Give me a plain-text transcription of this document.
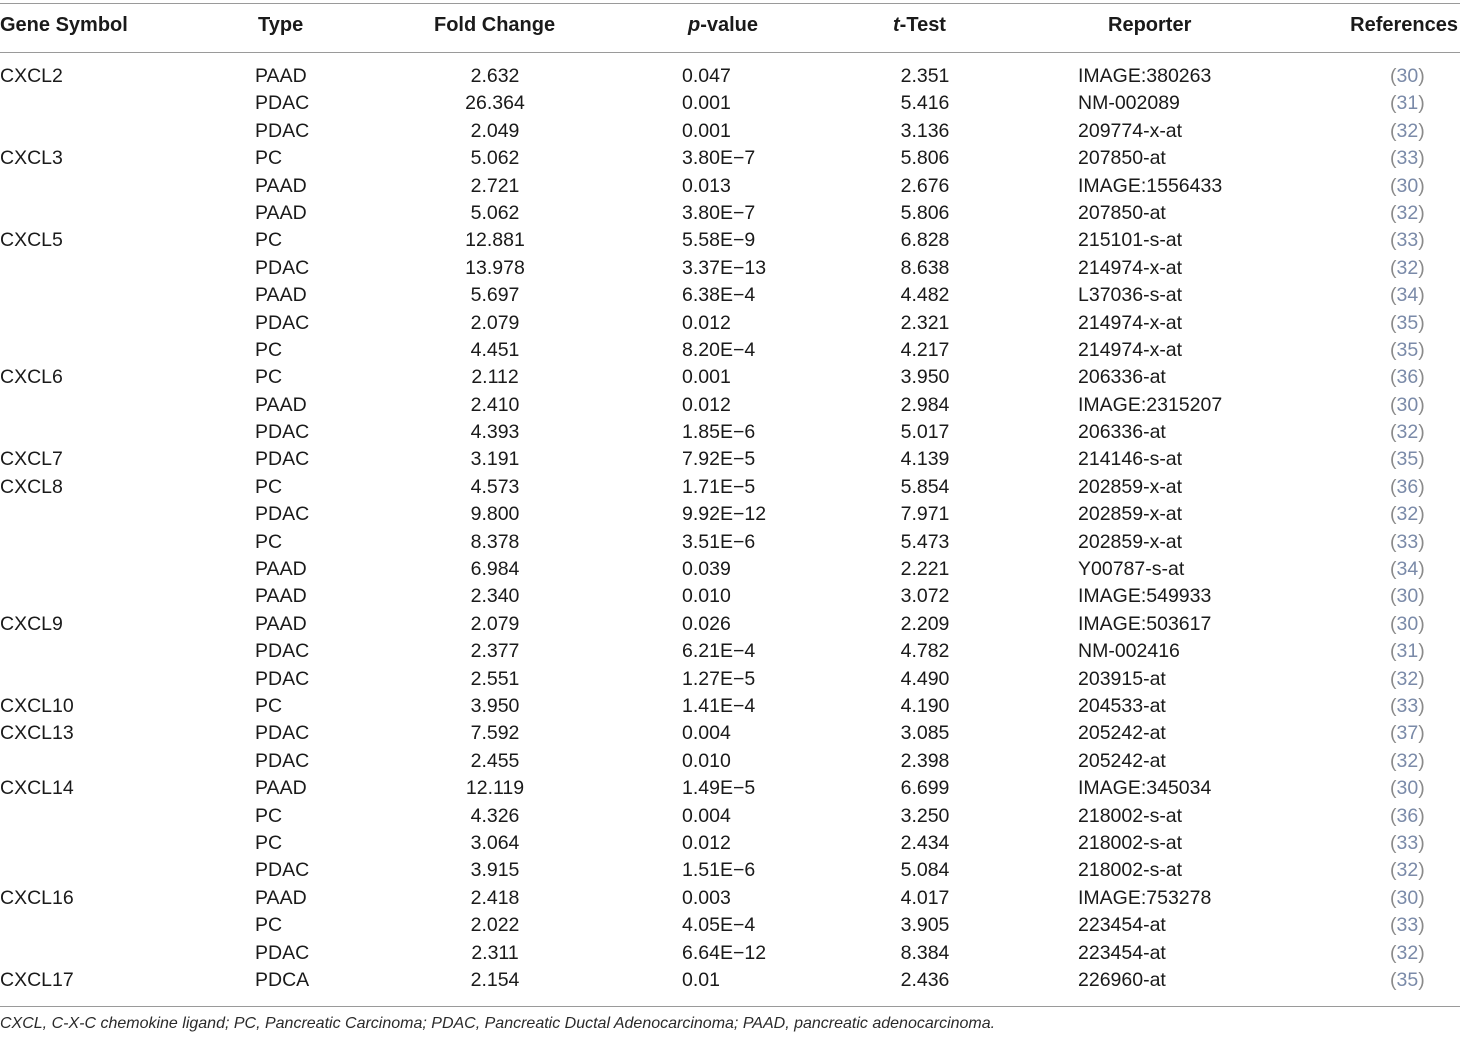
Gene Symbol	Type	Fold Change	p-value	t-Test	Reporter	References
CXCL2	PAAD	2.632	0.047	2.351	IMAGE:380263	(30)
PDAC	26.364	0.001	5.416	NM-002089	(31)
PDAC	2.049	0.001	3.136	209774-x-at	(32)
CXCL3	PC	5.062	3.80E−7	5.806	207850-at	(33)
PAAD	2.721	0.013	2.676	IMAGE:1556433	(30)
PAAD	5.062	3.80E−7	5.806	207850-at	(32)
CXCL5	PC	12.881	5.58E−9	6.828	215101-s-at	(33)
PDAC	13.978	3.37E−13	8.638	214974-x-at	(32)
PAAD	5.697	6.38E−4	4.482	L37036-s-at	(34)
PDAC	2.079	0.012	2.321	214974-x-at	(35)
PC	4.451	8.20E−4	4.217	214974-x-at	(35)
CXCL6	PC	2.112	0.001	3.950	206336-at	(36)
PAAD	2.410	0.012	2.984	IMAGE:2315207	(30)
PDAC	4.393	1.85E−6	5.017	206336-at	(32)
CXCL7	PDAC	3.191	7.92E−5	4.139	214146-s-at	(35)
CXCL8	PC	4.573	1.71E−5	5.854	202859-x-at	(36)
PDAC	9.800	9.92E−12	7.971	202859-x-at	(32)
PC	8.378	3.51E−6	5.473	202859-x-at	(33)
PAAD	6.984	0.039	2.221	Y00787-s-at	(34)
PAAD	2.340	0.010	3.072	IMAGE:549933	(30)
CXCL9	PAAD	2.079	0.026	2.209	IMAGE:503617	(30)
PDAC	2.377	6.21E−4	4.782	NM-002416	(31)
PDAC	2.551	1.27E−5	4.490	203915-at	(32)
CXCL10	PC	3.950	1.41E−4	4.190	204533-at	(33)
CXCL13	PDAC	7.592	0.004	3.085	205242-at	(37)
PDAC	2.455	0.010	2.398	205242-at	(32)
CXCL14	PAAD	12.119	1.49E−5	6.699	IMAGE:345034	(30)
PC	4.326	0.004	3.250	218002-s-at	(36)
PC	3.064	0.012	2.434	218002-s-at	(33)
PDAC	3.915	1.51E−6	5.084	218002-s-at	(32)
CXCL16	PAAD	2.418	0.003	4.017	IMAGE:753278	(30)
PC	2.022	4.05E−4	3.905	223454-at	(33)
PDAC	2.311	6.64E−12	8.384	223454-at	(32)
CXCL17	PDCA	2.154	0.01	2.436	226960-at	(35)
CXCL, C-X-C chemokine ligand; PC, Pancreatic Carcinoma; PDAC, Pancreatic Ductal Adenocarcinoma; PAAD, pancreatic adenocarcinoma.
